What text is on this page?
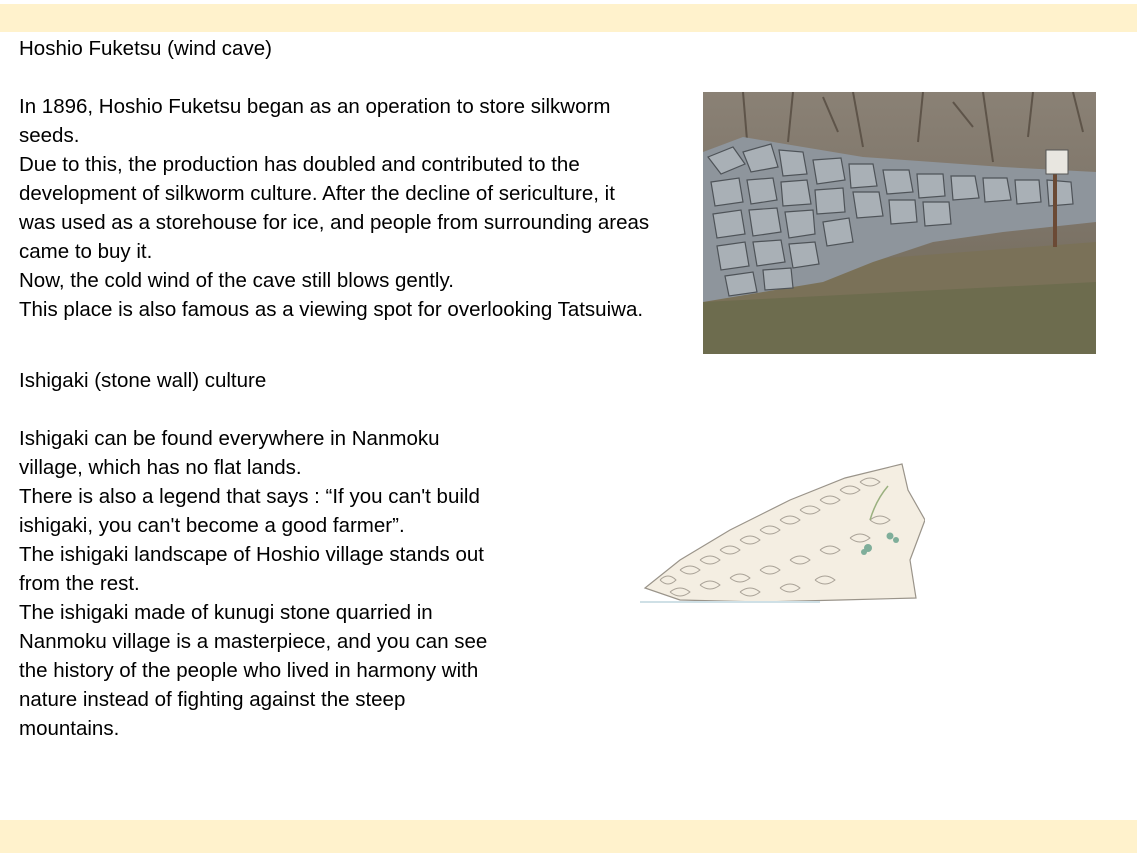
Hoshio Fuketsu (wind cave)
In 1896, Hoshio Fuketsu began as an operation to store silkworm
seeds.
Due to this, the production has doubled and contributed to the
development of silkworm culture. After the decline of sericulture, it
was used as a storehouse for ice, and people from surrounding areas
came to buy it.
Now, the cold wind of the cave still blows gently.
This place is also famous as a viewing spot for overlooking Tatsuiwa.
Ishigaki (stone wall) culture
Ishigaki can be found everywhere in Nanmoku
village, which has no flat lands.
There is also a legend that says : “If you can't build
ishigaki, you can't become a good farmer”.
The ishigaki landscape of Hoshio village stands out
from the rest.
The ishigaki made of kunugi stone quarried in
Nanmoku village is a masterpiece, and you can see
the history of the people who lived in harmony with
nature instead of fighting against the steep
mountains.
